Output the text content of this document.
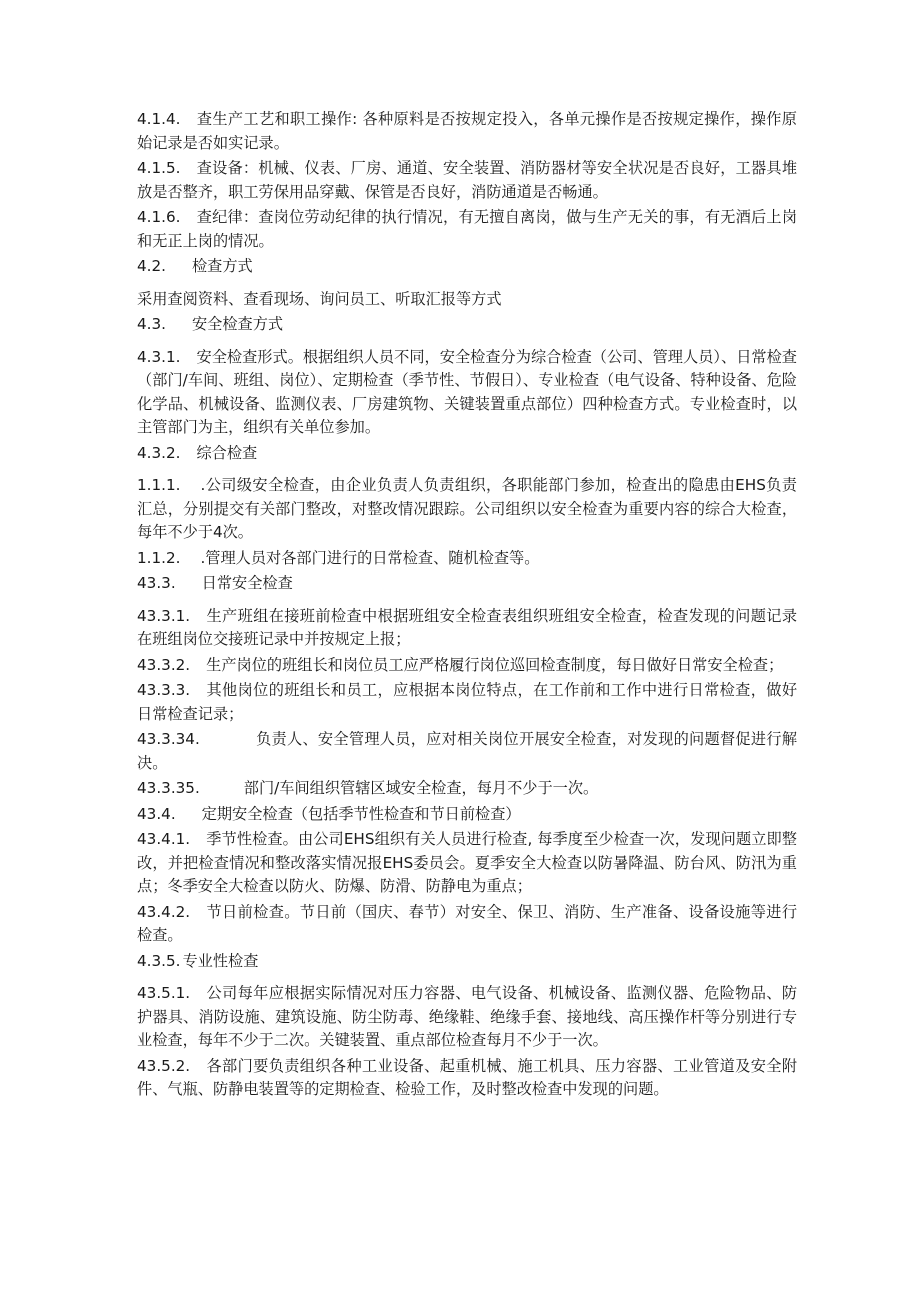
4.1.4. 查生产工艺和职工操作: 各种原料是否按规定投入，各单元操作是否按规定操作，操作原始记录是否如实记录。

4.1.5. 查设备：机械、仪表、厂房、通道、安全装置、消防器材等安全状况是否良好，工器具堆放是否整齐，职工劳保用品穿戴、保管是否良好，消防通道是否畅通。

4.1.6. 查纪律：查岗位劳动纪律的执行情况，有无擅自离岗，做与生产无关的事，有无酒后上岗和无正上岗的情况。

4.2. 检查方式

采用查阅资料、查看现场、询问员工、听取汇报等方式

4.3. 安全检查方式

4.3.1. 安全检查形式。根据组织人员不同，安全检查分为综合检查（公司、管理人员）、日常检查（部门/车间、班组、岗位）、定期检查（季节性、节假日）、专业检查（电气设备、特种设备、危险化学品、机械设备、监测仪表、厂房建筑物、关键装置重点部位）四种检查方式。专业检查时，以主管部门为主，组织有关单位参加。

4.3.2. 综合检查

1.1.1. .公司级安全检查，由企业负责人负责组织，各职能部门参加，检查出的隐患由EHS负责汇总，分别提交有关部门整改，对整改情况跟踪。公司组织以安全检查为重要内容的综合大检查，每年不少于4次。

1.1.2. .管理人员对各部门进行的日常检查、随机检查等。

43.3. 日常安全检查

43.3.1. 生产班组在接班前检查中根据班组安全检查表组织班组安全检查，检查发现的问题记录在班组岗位交接班记录中并按规定上报；

43.3.2. 生产岗位的班组长和岗位员工应严格履行岗位巡回检查制度，每日做好日常安全检查；

43.3.3. 其他岗位的班组长和员工，应根据本岗位特点，在工作前和工作中进行日常检查，做好日常检查记录；

43.3.34.	负责人、安全管理人员，应对相关岗位开展安全检查，对发现的问题督促进行解决。

43.3.35.	部门/车间组织管辖区域安全检查，每月不少于一次。

43.4. 定期安全检查（包括季节性检查和节日前检查）

43.4.1. 季节性检查。由公司EHS组织有关人员进行检查, 每季度至少检查一次，发现问题立即整改，并把检查情况和整改落实情况报EHS委员会。夏季安全大检查以防暑降温、防台风、防汛为重点；冬季安全大检查以防火、防爆、防滑、防静电为重点；

43.4.2. 节日前检查。节日前（国庆、春节）对安全、保卫、消防、生产准备、设备设施等进行检查。

4.3.5. 专业性检查

43.5.1. 公司每年应根据实际情况对压力容器、电气设备、机械设备、监测仪器、危险物品、防护器具、消防设施、建筑设施、防尘防毒、绝缘鞋、绝缘手套、接地线、高压操作杆等分别进行专业检查，每年不少于二次。关键装置、重点部位检查每月不少于一次。

43.5.2. 各部门要负责组织各种工业设备、起重机械、施工机具、压力容器、工业管道及安全附件、气瓶、防静电装置等的定期检查、检验工作，及时整改检查中发现的问题。
